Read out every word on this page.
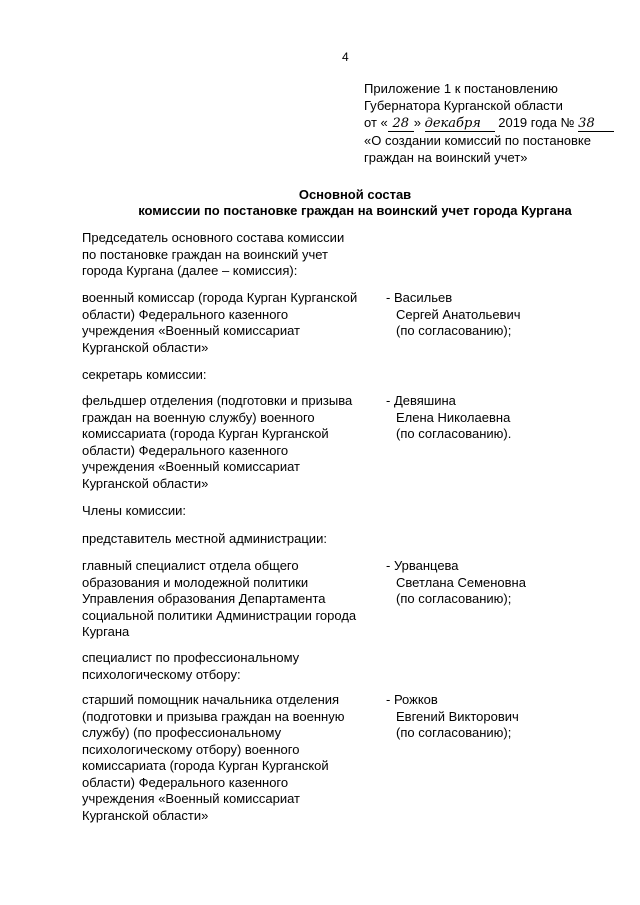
4
Приложение 1 к постановлению
Губернатора Курганской области
от « 28 » декабря 2019 года № 38
«О создании комиссий по постановке
граждан на воинский учет»
Основной состав
комиссии по постановке граждан на воинский учет города Кургана
Председатель основного состава комиссии
по постановке граждан на воинский учет
города Кургана (далее – комиссия):
военный комиссар (города Курган Курганской
области) Федерального казенного
учреждения «Военный комиссариат
Курганской области»
- Васильев
Сергей Анатольевич
(по согласованию);
секретарь комиссии:
фельдшер отделения (подготовки и призыва
граждан на военную службу) военного
комиссариата (города Курган Курганской
области) Федерального казенного
учреждения «Военный комиссариат
Курганской области»
- Девяшина
Елена Николаевна
(по согласованию).
Члены комиссии:
представитель местной администрации:
главный специалист отдела общего
образования и молодежной политики
Управления образования Департамента
социальной политики Администрации города
Кургана
- Урванцева
Светлана Семеновна
(по согласованию);
специалист по профессиональному
психологическому отбору:
старший помощник начальника отделения
(подготовки и призыва граждан на военную
службу) (по профессиональному
психологическому отбору) военного
комиссариата (города Курган Курганской
области) Федерального казенного
учреждения «Военный комиссариат
Курганской области»
- Рожков
Евгений Викторович
(по согласованию);
